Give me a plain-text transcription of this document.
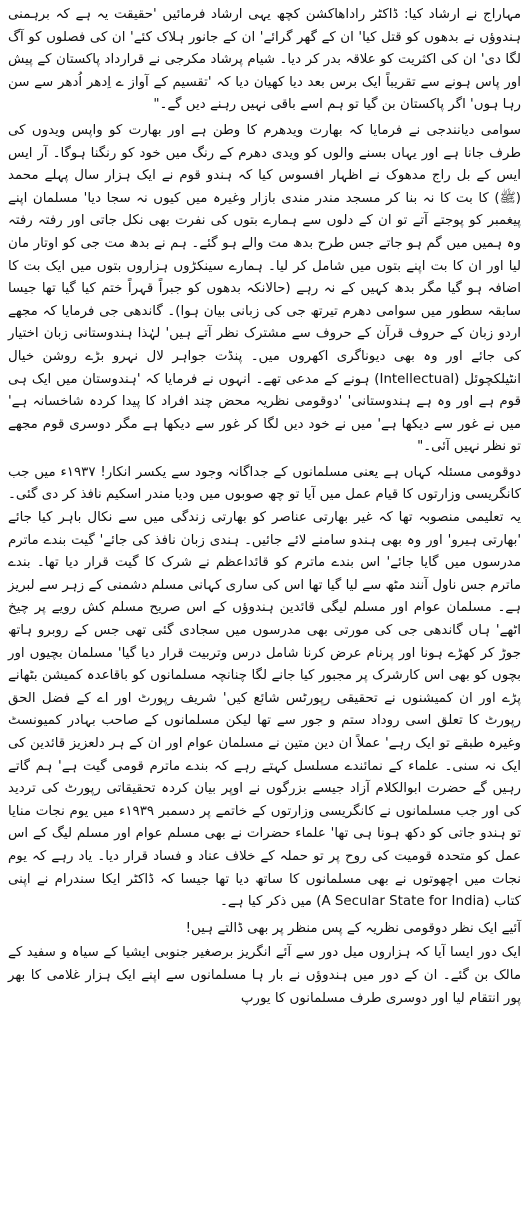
مہاراج نے ارشاد کیا: ڈاکٹر راداھاکشن کچھ یہی ارشاد فرمائیں 'حقیقت یہ ہے کہ برہمنی ہندوؤں نے بدھوں کو قتل کیا' ان کے گھر گرائے' ان کے جانور ہلاک کئے' ان کی فصلوں کو آگ لگا دی' ان کی اکثریت کو علاقہ بدر کر دیا۔ شیام پرشاد مکرجی نے قرارداد پاکستان کے پیش اور پاس ہونے سے تقریباً ایک برس بعد دیا کھیان دیا کہ 'تقسیم کے آواز ے اِدھر اُدھر سے سن رہا ہوں' اگر پاکستان بن گیا تو ہم اسے باقی نہیں رہنے دیں گے۔"

سوامی دیانندجی نے فرمایا کہ بھارت ویدھرم کا وطن ہے اور بھارت کو واپس ویدوں کی طرف جانا ہے اور یہاں بسنے والوں کو ویدی دھرم کے رنگ میں خود کو رنگنا ہوگا۔ آر ایس ایس کے بل راج مدھوک نے اظہار افسوس کیا کہ ہندو قوم نے ایک ہزار سال پہلے محمد (ﷺ) کا بت کا نہ بنا کر مسجد مندر مندی بازار وغیرہ میں کیوں نہ سجا دیا' مسلمان اپنے پیغمبر کو پوجتے آتے تو ان کے دلوں سے ہمارے بتوں کی نفرت بھی نکل جاتی اور رفتہ رفتہ وہ ہمیں میں گم ہو جاتے جس طرح بدھ مت والے ہو گئے۔ ہم نے بدھ مت جی کو اوتار مان لیا اور ان کا بت اپنے بتوں میں شامل کر لیا۔ ہمارے سینکڑوں ہزاروں بتوں میں ایک بت کا اضافہ ہو گیا مگر بدھ کہیں کے نہ رہے (حالانکہ بدھوں کو جبراً قہراً ختم کیا گیا تھا جیسا سابقہ سطور میں سوامی دھرم تیرتھ جی کی زبانی بیان ہوا)۔ گاندھی جی فرمایا کہ مجھے اردو زبان کے حروف قرآن کے حروف سے مشترک نظر آتے ہیں' لہٰذا ہندوستانی زبان اختیار کی جائے اور وہ بھی دیوناگری اکھروں میں۔ پنڈت جواہر لال نہرو بڑے روشن خیال انٹیلکچوئل (Intellectual) ہونے کے مدعی تھے۔ انہوں نے فرمایا کہ 'ہندوستان میں ایک ہی قوم ہے اور وہ ہے ہندوستانی' 'دوقومی نظریہ محض چند افراد کا پیدا کردہ شاخسانہ ہے' میں نے غور سے دیکھا ہے' میں نے خود دیں لگا کر غور سے دیکھا ہے مگر دوسری قوم مجھے تو نظر نہیں آئی۔"

دوقومی مسئلہ کہاں ہے یعنی مسلمانوں کے جداگانہ وجود سے یکسر انکار! ۱۹۳۷ء میں جب کانگریسی وزارتوں کا قیام عمل میں آیا تو چھ صوبوں میں ودیا مندر اسکیم نافذ کر دی گئی۔ یہ تعلیمی منصوبہ تھا کہ غیر بھارتی عناصر کو بھارتی زندگی میں سے نکال باہر کیا جائے 'بھارتی ہیرو' اور وہ بھی ہندو سامنے لائے جائیں۔ ہندی زبان نافذ کی جائے' گیت بندے ماترم مدرسوں میں گایا جائے' اس بندے ماترم کو قائداعظم نے شرک کا گیت قرار دیا تھا۔ بندے ماترم جس ناول آنند مٹھ سے لیا گیا تھا اس کی ساری کہانی مسلم دشمنی کے زہر سے لبریز ہے۔ مسلمان عوام اور مسلم لیگی قائدین ہندوؤں کے اس صریح مسلم کش رویے پر چیخ اٹھے' ہاں گاندھی جی کی مورتی بھی مدرسوں میں سجادی گئی تھی جس کے روبرو ہاتھ جوڑ کر کھڑے ہونا اور پرنام عرض کرنا شامل درس وتربیت قرار دیا گیا' مسلمان بچیوں اور بچوں کو بھی اس کارشرک پر مجبور کیا جانے لگا چنانچہ مسلمانوں کو باقاعدہ کمیشن بٹھانے پڑے اور ان کمیشنوں نے تحقیقی رپورٹس شائع کیں' شریف رپورٹ اور اے کے فضل الحق رپورٹ کا تعلق اسی روداد ستم و جور سے تھا لیکن مسلمانوں کے صاحب بہادر کمیونسٹ وغیرہ طبقے تو ایک رہے' عملاً ان دین متین نے مسلمان عوام اور ان کے ہر دلعزیز قائدین کی ایک نہ سنی۔ علماء کے نمائندے مسلسل کہتے رہے کہ بندے ماترم قومی گیت ہے' ہم گاتے رہیں گے حضرت ابوالکلام آزاد جیسے بزرگوں نے اوپر بیان کردہ تحقیقاتی رپورٹ کی تردید کی اور جب مسلمانوں نے کانگریسی وزارتوں کے خاتمے پر دسمبر ۱۹۳۹ء میں یوم نجات منایا تو ہندو جاتی کو دکھ ہونا ہی تھا' علماء حضرات نے بھی مسلم عوام اور مسلم لیگ کے اس عمل کو متحدہ قومیت کی روح پر تو حملہ کے خلاف عناد و فساد قرار دیا۔ یاد رہے کہ یوم نجات میں اچھوتوں نے بھی مسلمانوں کا ساتھ دیا تھا جیسا کہ ڈاکٹر ایکا سندرام نے اپنی کتاب (A Secular State for India) میں ذکر کیا ہے۔

آئیے ایک نظر دوقومی نظریہ کے پس منظر پر بھی ڈالتے ہیں!

ایک دور ایسا آیا کہ ہزاروں میل دور سے آئے انگریز برصغیر جنوبی ایشیا کے سیاہ و سفید کے مالک بن گئے۔ ان کے دور میں ہندوؤں نے بار ہا مسلمانوں سے اپنے ایک ہزار غلامی کا بھر پور انتقام لیا اور دوسری طرف مسلمانوں کا یورپ
